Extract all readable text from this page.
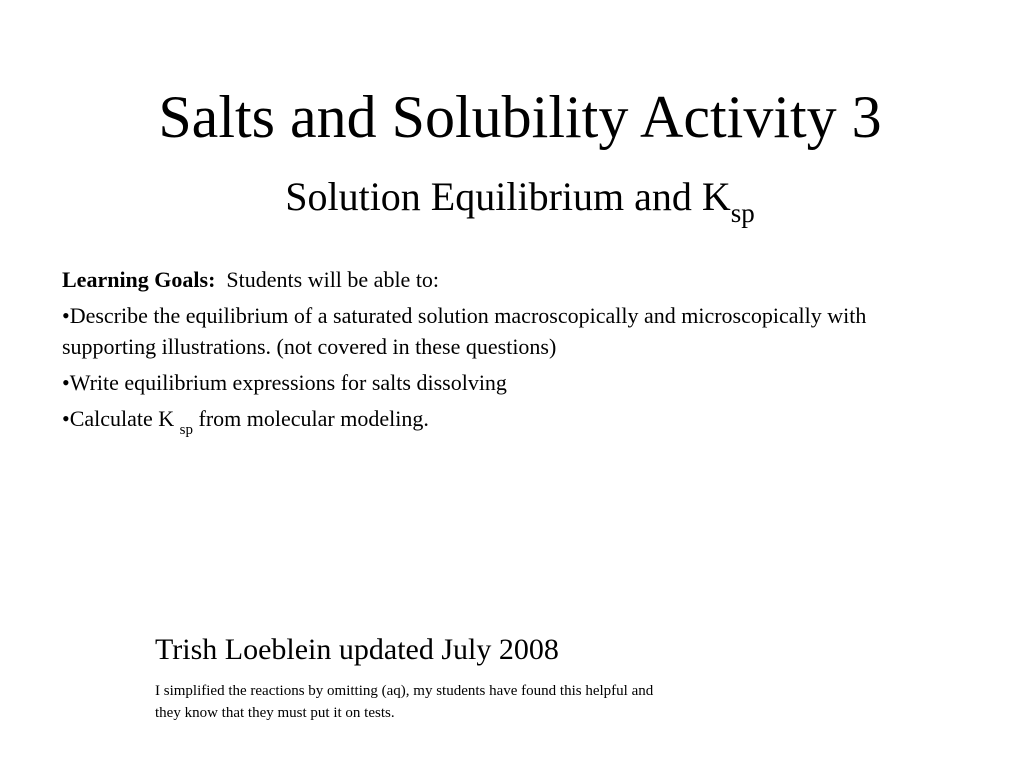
Salts and Solubility Activity 3
Solution Equilibrium and $K_{sp}$

Learning Goals: Students will be able to:

•Describe the equilibrium of a saturated solution macroscopically and microscopically with supporting illustrations. (not covered in these questions)

•Write equilibrium expressions for salts dissolving

•Calculate K $_{sp}$ from molecular modeling.

Trish Loeblein updated July 2008
I simplified the reactions by omitting (aq), my students have found this helpful and they know that they must put it on tests.
